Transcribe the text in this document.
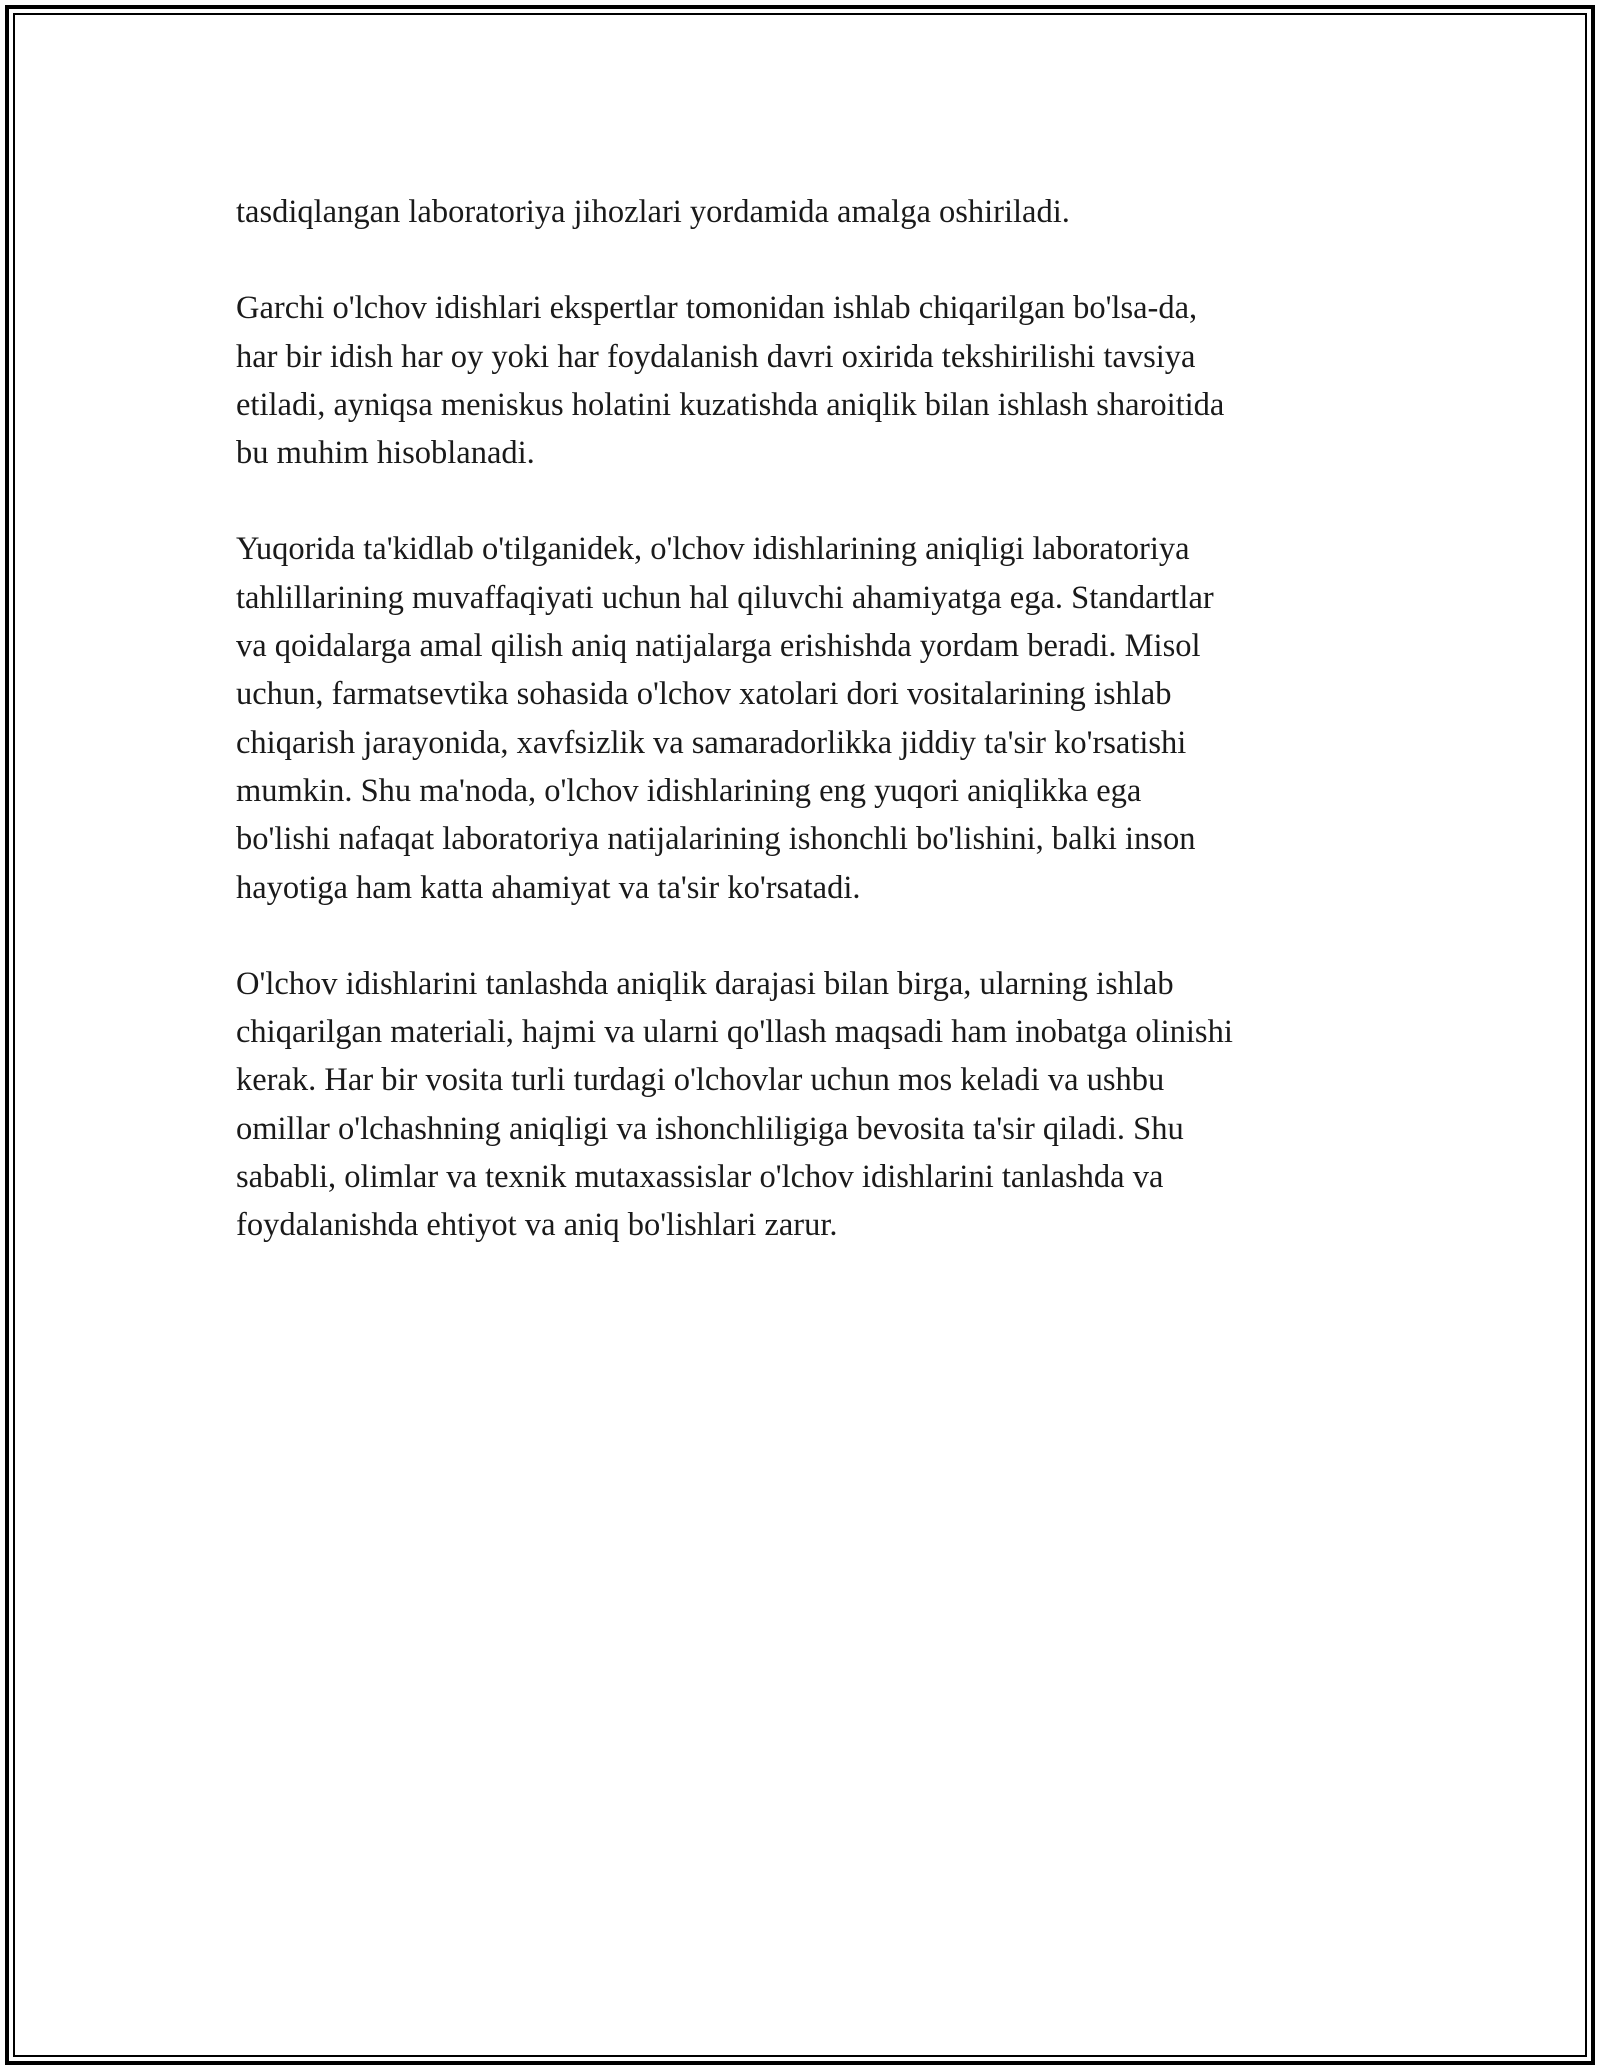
tasdiqlangan laboratoriya jihozlari yordamida amalga oshiriladi.

Garchi o'lchov idishlari ekspertlar tomonidan ishlab chiqarilgan bo'lsa-da,
har bir idish har oy yoki har foydalanish davri oxirida tekshirilishi tavsiya
etiladi, ayniqsa meniskus holatini kuzatishda aniqlik bilan ishlash sharoitida
bu muhim hisoblanadi.

Yuqorida ta'kidlab o'tilganidek, o'lchov idishlarining aniqligi laboratoriya
tahlillarining muvaffaqiyati uchun hal qiluvchi ahamiyatga ega. Standartlar
va qoidalarga amal qilish aniq natijalarga erishishda yordam beradi. Misol
uchun, farmatsevtika sohasida o'lchov xatolari dori vositalarining ishlab
chiqarish jarayonida, xavfsizlik va samaradorlikka jiddiy ta'sir ko'rsatishi
mumkin. Shu ma'noda, o'lchov idishlarining eng yuqori aniqlikka ega
bo'lishi nafaqat laboratoriya natijalarining ishonchli bo'lishini, balki inson
hayotiga ham katta ahamiyat va ta'sir ko'rsatadi.

O'lchov idishlarini tanlashda aniqlik darajasi bilan birga, ularning ishlab
chiqarilgan materiali, hajmi va ularni qo'llash maqsadi ham inobatga olinishi
kerak. Har bir vosita turli turdagi o'lchovlar uchun mos keladi va ushbu
omillar o'lchashning aniqligi va ishonchliligiga bevosita ta'sir qiladi. Shu
sababli, olimlar va texnik mutaxassislar o'lchov idishlarini tanlashda va
foydalanishda ehtiyot va aniq bo'lishlari zarur.
